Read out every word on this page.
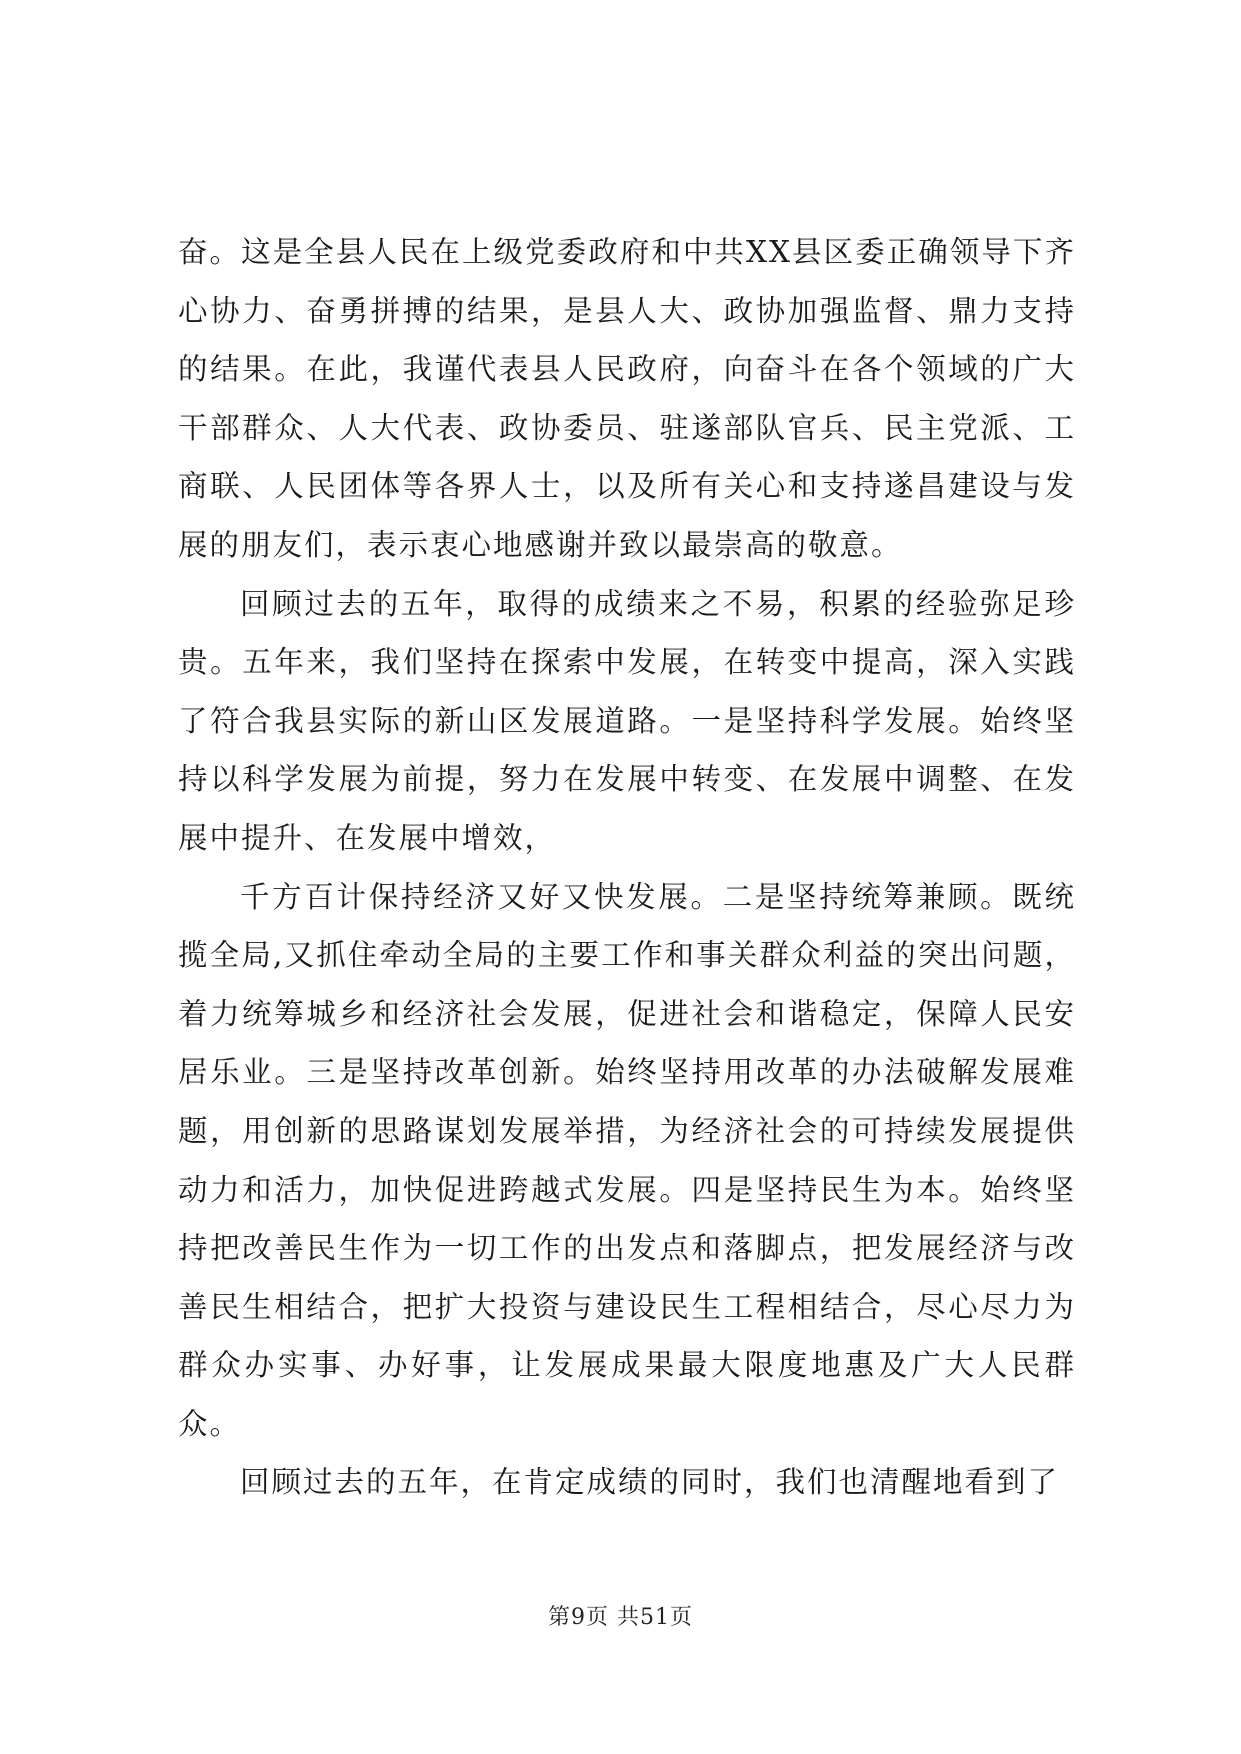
奋。这是全县人民在上级党委政府和中共XX县区委正确领导下齐心协力、奋勇拼搏的结果，是县人大、政协加强监督、鼎力支持的结果。在此，我谨代表县人民政府，向奋斗在各个领域的广大干部群众、人大代表、政协委员、驻遂部队官兵、民主党派、工商联、人民团体等各界人士，以及所有关心和支持遂昌建设与发展的朋友们，表示衷心地感谢并致以最崇高的敬意。

回顾过去的五年，取得的成绩来之不易，积累的经验弥足珍贵。五年来，我们坚持在探索中发展，在转变中提高，深入实践了符合我县实际的新山区发展道路。一是坚持科学发展。始终坚持以科学发展为前提，努力在发展中转变、在发展中调整、在发展中提升、在发展中增效，

千方百计保持经济又好又快发展。二是坚持统筹兼顾。既统揽全局,又抓住牵动全局的主要工作和事关群众利益的突出问题，着力统筹城乡和经济社会发展，促进社会和谐稳定，保障人民安居乐业。三是坚持改革创新。始终坚持用改革的办法破解发展难题，用创新的思路谋划发展举措，为经济社会的可持续发展提供动力和活力，加快促进跨越式发展。四是坚持民生为本。始终坚持把改善民生作为一切工作的出发点和落脚点，把发展经济与改善民生相结合，把扩大投资与建设民生工程相结合，尽心尽力为群众办实事、办好事，让发展成果最大限度地惠及广大人民群众。

回顾过去的五年，在肯定成绩的同时，我们也清醒地看到了

第9页 共51页
